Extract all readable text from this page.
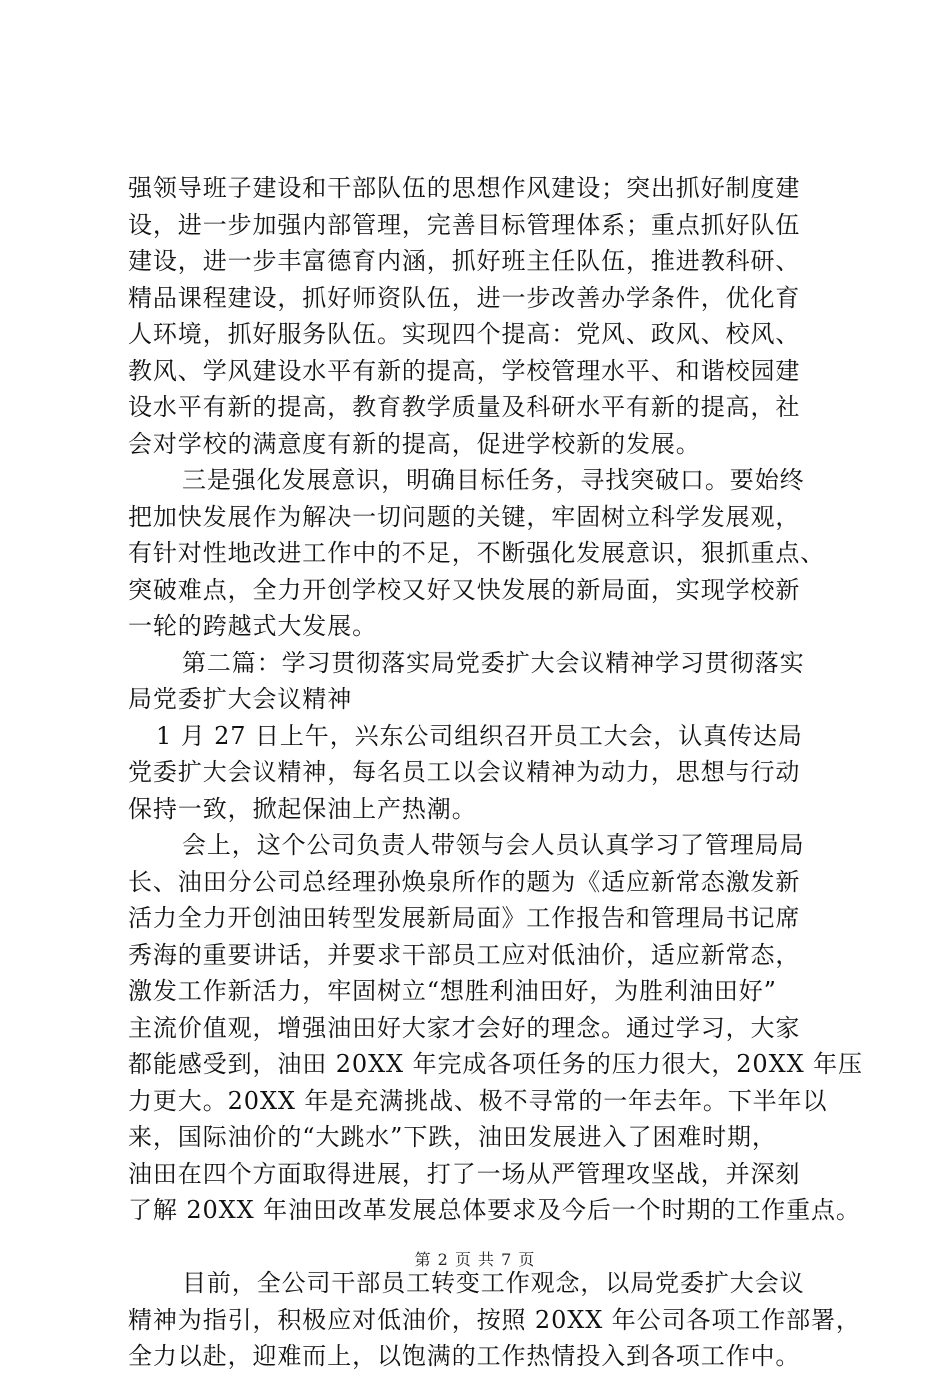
强领导班子建设和干部队伍的思想作风建设；突出抓好制度建
设，进一步加强内部管理，完善目标管理体系；重点抓好队伍
建设，进一步丰富德育内涵，抓好班主任队伍，推进教科研、
精品课程建设，抓好师资队伍，进一步改善办学条件，优化育
人环境，抓好服务队伍。实现四个提高：党风、政风、校风、
教风、学风建设水平有新的提高，学校管理水平、和谐校园建
设水平有新的提高，教育教学质量及科研水平有新的提高，社
会对学校的满意度有新的提高，促进学校新的发展。
三是强化发展意识，明确目标任务，寻找突破口。要始终
把加快发展作为解决一切问题的关键，牢固树立科学发展观，
有针对性地改进工作中的不足，不断强化发展意识，狠抓重点、
突破难点，全力开创学校又好又快发展的新局面，实现学校新
一轮的跨越式大发展。
第二篇：学习贯彻落实局党委扩大会议精神学习贯彻落实
局党委扩大会议精神
1 月 27 日上午，兴东公司组织召开员工大会，认真传达局
党委扩大会议精神，每名员工以会议精神为动力，思想与行动
保持一致，掀起保油上产热潮。
会上，这个公司负责人带领与会人员认真学习了管理局局
长、油田分公司总经理孙焕泉所作的题为《适应新常态激发新
活力全力开创油田转型发展新局面》工作报告和管理局书记席
秀海的重要讲话，并要求干部员工应对低油价，适应新常态，
激发工作新活力，牢固树立“想胜利油田好，为胜利油田好”
主流价值观，增强油田好大家才会好的理念。通过学习，大家
都能感受到，油田 20XX 年完成各项任务的压力很大，20XX 年压
力更大。20XX 年是充满挑战、极不寻常的一年去年。下半年以
来，国际油价的“大跳水”下跌，油田发展进入了困难时期，
油田在四个方面取得进展，打了一场从严管理攻坚战，并深刻
了解 20XX 年油田改革发展总体要求及今后一个时期的工作重点。
目前，全公司干部员工转变工作观念，以局党委扩大会议
精神为指引，积极应对低油价，按照 20XX 年公司各项工作部署，
全力以赴，迎难而上，以饱满的工作热情投入到各项工作中。
第 2 页 共 7 页
